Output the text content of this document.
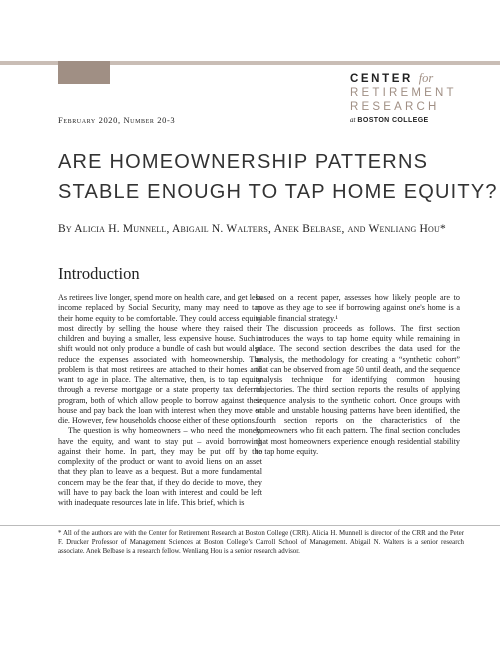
CENTER for
RETIREMENT
RESEARCH
at BOSTON COLLEGE
February 2020, Number 20-3
ARE HOMEOWNERSHIP PATTERNS
STABLE ENOUGH TO TAP HOME EQUITY?
By Alicia H. Munnell, Abigail N. Walters, Anek Belbase, and Wenliang Hou*
Introduction

As retirees live longer, spend more on health care, and get less income replaced by Social Security, many may need to tap their home equity to be comfortable. They could access equity most directly by selling the house where they raised their children and buying a smaller, less expensive house. Such a shift would not only produce a bundle of cash but would also reduce the expenses associated with homeownership. The problem is that most retirees are attached to their homes and want to age in place. The alternative, then, is to tap equity through a reverse mortgage or a state property tax deferral program, both of which allow people to borrow against their house and pay back the loan with interest when they move or die. However, few households choose either of these options.

The question is why homeowners – who need the money, have the equity, and want to stay put – avoid borrowing against their home. In part, they may be put off by the complexity of the product or want to avoid liens on an asset that they plan to leave as a bequest. But a more fundamental concern may be the fear that, if they do decide to move, they will have to pay back the loan with interest and could be left with inadequate resources late in life. This brief, which is

based on a recent paper, assesses how likely people are to move as they age to see if borrowing against one's home is a viable financial strategy.¹

The discussion proceeds as follows. The first section introduces the ways to tap home equity while remaining in place. The second section describes the data used for the analysis, the methodology for creating a “synthetic cohort” that can be observed from age 50 until death, and the sequence analysis technique for identifying common housing trajectories. The third section reports the results of applying sequence analysis to the synthetic cohort. Once groups with stable and unstable housing patterns have been identified, the fourth section reports on the characteristics of the homeowners who fit each pattern. The final section concludes that most homeowners experience enough residential stability to tap home equity.

* All of the authors are with the Center for Retirement Research at Boston College (CRR). Alicia H. Munnell is director of the CRR and the Peter F. Drucker Professor of Management Sciences at Boston College’s Carroll School of Management. Abigail N. Walters is a senior research associate. Anek Belbase is a research fellow. Wenliang Hou is a senior research advisor.
